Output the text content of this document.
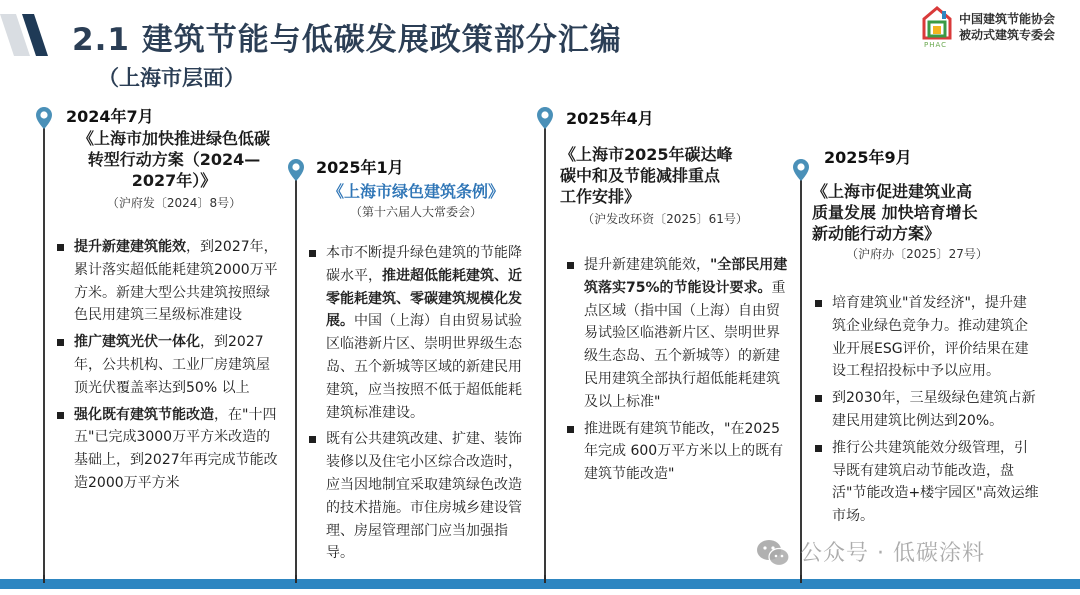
2.1 建筑节能与低碳发展政策部分汇编
（上海市层面）
PHAC
中国建筑节能协会
被动式建筑专委会
2024年7月
《上海市加快推进绿色低碳
转型行动方案（2024—
2027年）》
（沪府发〔2024〕8号）

提升新建建筑能效，到2027年，累计落实超低能耗建筑2000万平方米。新建大型公共建筑按照绿色民用建筑三星级标准建设

推广建筑光伏一体化，到2027年，公共机构、工业厂房建筑屋顶光伏覆盖率达到50% 以上

强化既有建筑节能改造，在"十四五"已完成3000万平方米改造的基础上，到2027年再完成节能改造2000万平方米

2025年1月
《上海市绿色建筑条例》
（第十六届人大常委会）

本市不断提升绿色建筑的节能降碳水平，推进超低能耗建筑、近零能耗建筑、零碳建筑规模化发展。中国（上海）自由贸易试验区临港新片区、崇明世界级生态岛、五个新城等区域的新建民用建筑，应当按照不低于超低能耗建筑标准建设。

既有公共建筑改建、扩建、装饰装修以及住宅小区综合改造时，应当因地制宜采取建筑绿色改造的技术措施。市住房城乡建设管理、房屋管理部门应当加强指导。

2025年4月
《上海市2025年碳达峰
碳中和及节能减排重点
工作安排》
（沪发改环资〔2025〕61号）

提升新建建筑能效，"全部民用建筑落实75%的节能设计要求。重点区域（指中国（上海）自由贸易试验区临港新片区、崇明世界级生态岛、五个新城等）的新建民用建筑全部执行超低能耗建筑及以上标准"

推进既有建筑节能改，"在2025年完成 600万平方米以上的既有建筑节能改造"

2025年9月
《上海市促进建筑业高
质量发展 加快培育增长
新动能行动方案》
（沪府办〔2025〕27号）

培育建筑业"首发经济"，提升建筑企业绿色竞争力。推动建筑企业开展ESG评价，评价结果在建设工程招投标中予以应用。

到2030年，三星级绿色建筑占新建民用建筑比例达到20%。

推行公共建筑能效分级管理，引导既有建筑启动节能改造，盘活"节能改造+楼宇园区"高效运维市场。

公众号 · 低碳涂料
